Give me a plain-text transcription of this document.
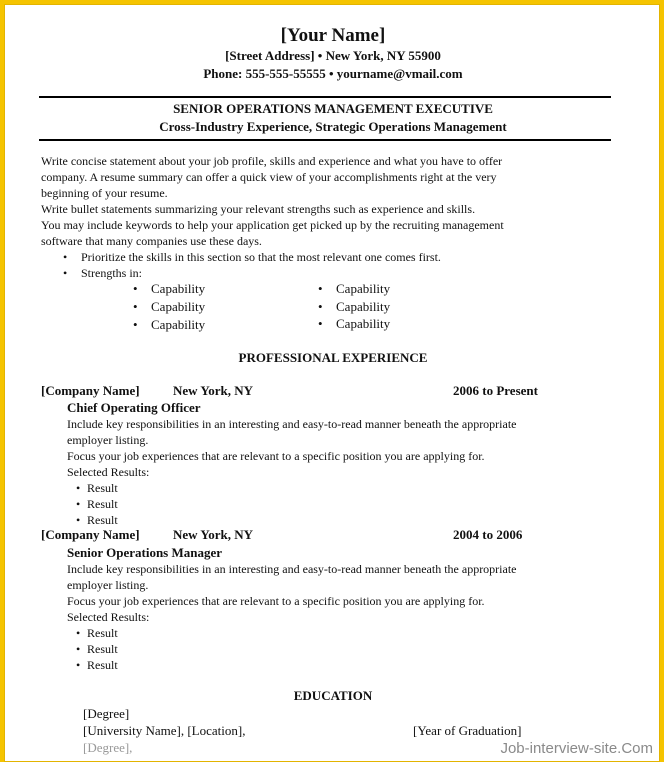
[Your Name]
[Street Address] • New York, NY 55900
Phone: 555-555-55555 • yourname@vmail.com
SENIOR OPERATIONS MANAGEMENT EXECUTIVE
Cross-Industry Experience, Strategic Operations Management
Write concise statement about your job profile, skills and experience and what you have to offer
company. A resume summary can offer a quick view of your accomplishments right at the very
beginning of your resume.
Write bullet statements summarizing your relevant strengths such as experience and skills.
You may include keywords to help your application get picked up by the recruiting management
software that many companies use these days.
• Prioritize the skills in this section so that the most relevant one comes first.
• Strengths in:
• Capability	• Capability
• Capability	• Capability
• Capability	• Capability
PROFESSIONAL EXPERIENCE
[Company Name]	New York, NY	2006 to Present
Chief Operating Officer
Include key responsibilities in an interesting and easy-to-read manner beneath the appropriate
employer listing.
Focus your job experiences that are relevant to a specific position you are applying for.
Selected Results:
• Result
• Result
• Result
[Company Name]	New York, NY	2004 to 2006
Senior Operations Manager
Include key responsibilities in an interesting and easy-to-read manner beneath the appropriate
employer listing.
Focus your job experiences that are relevant to a specific position you are applying for.
Selected Results:
• Result
• Result
• Result
EDUCATION
[Degree]
[University Name], [Location],	[Year of Graduation]
[Degree],	Job-interview-site.Com
